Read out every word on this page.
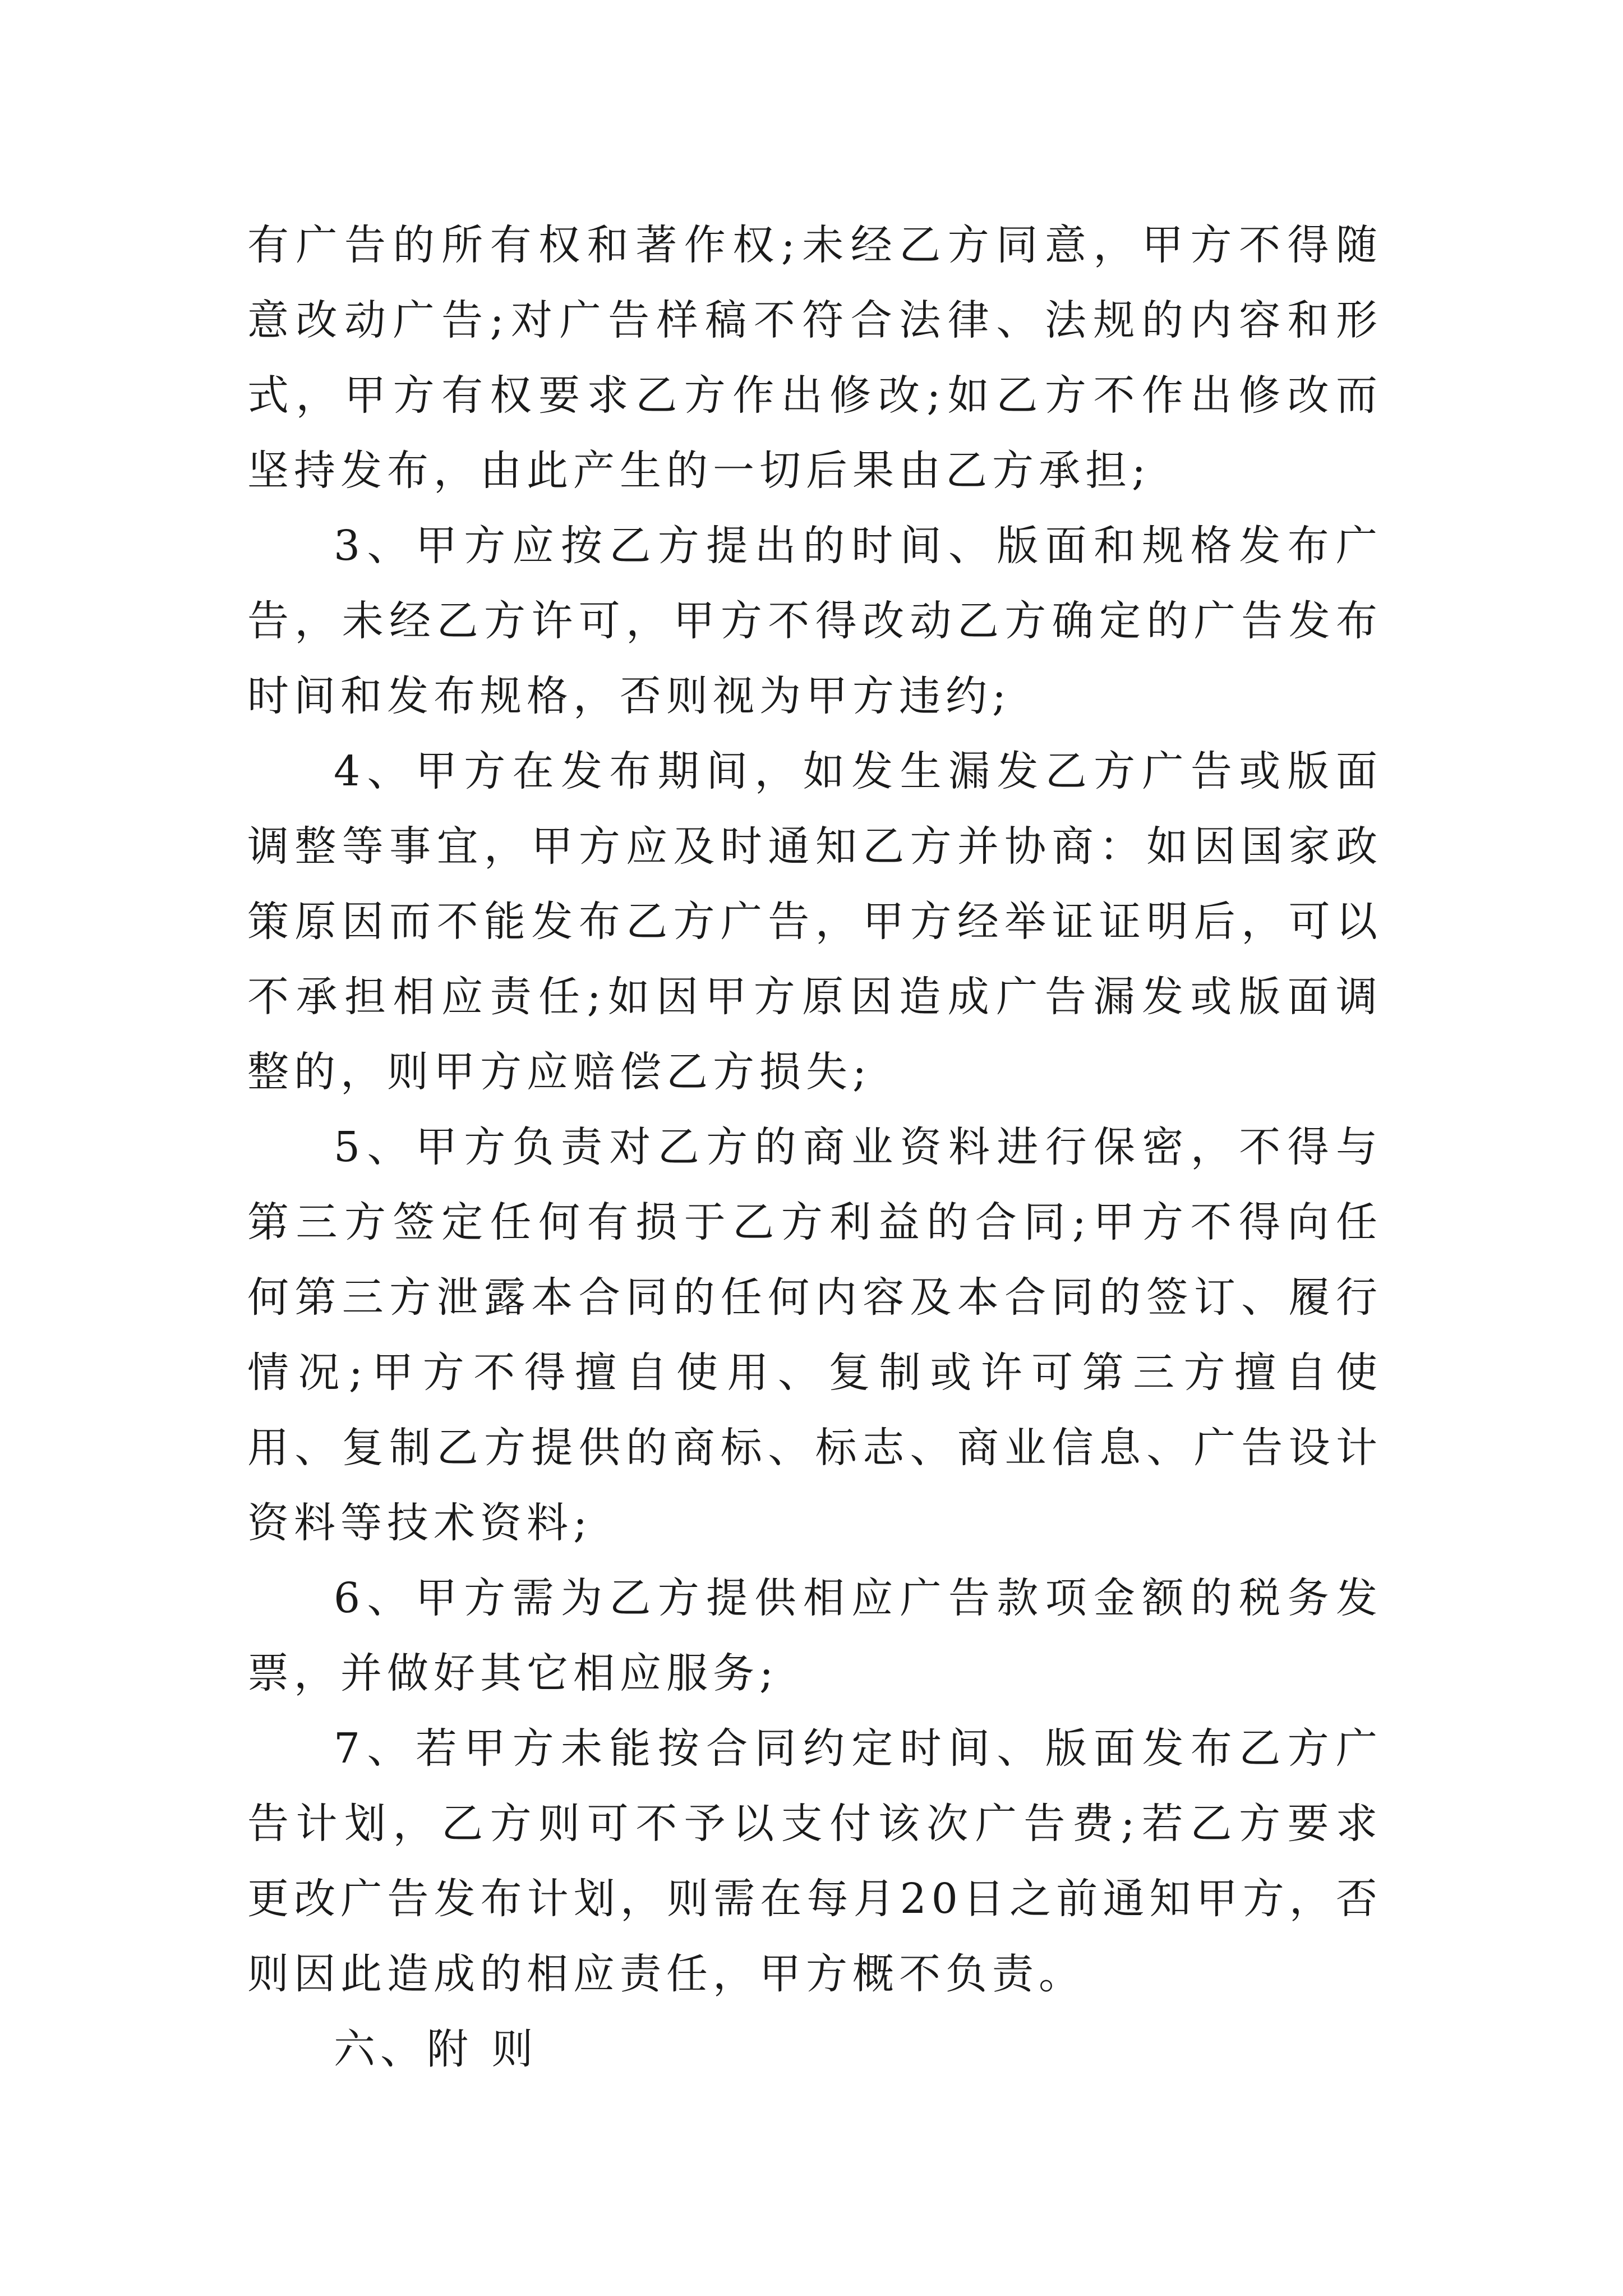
有广告的所有权和著作权;未经乙方同意，甲方不得随意改动广告;对广告样稿不符合法律、法规的内容和形式，甲方有权要求乙方作出修改;如乙方不作出修改而坚持发布，由此产生的一切后果由乙方承担;

3、甲方应按乙方提出的时间、版面和规格发布广告，未经乙方许可，甲方不得改动乙方确定的广告发布时间和发布规格，否则视为甲方违约;

4、甲方在发布期间，如发生漏发乙方广告或版面调整等事宜，甲方应及时通知乙方并协商：如因国家政策原因而不能发布乙方广告，甲方经举证证明后，可以不承担相应责任;如因甲方原因造成广告漏发或版面调整的，则甲方应赔偿乙方损失;

5、甲方负责对乙方的商业资料进行保密，不得与第三方签定任何有损于乙方利益的合同;甲方不得向任何第三方泄露本合同的任何内容及本合同的签订、履行情况;甲方不得擅自使用、复制或许可第三方擅自使用、复制乙方提供的商标、标志、商业信息、广告设计资料等技术资料;

6、甲方需为乙方提供相应广告款项金额的税务发票，并做好其它相应服务;

7、若甲方未能按合同约定时间、版面发布乙方广告计划，乙方则可不予以支付该次广告费;若乙方要求更改广告发布计划，则需在每月20日之前通知甲方，否则因此造成的相应责任，甲方概不负责。

六、附 则
